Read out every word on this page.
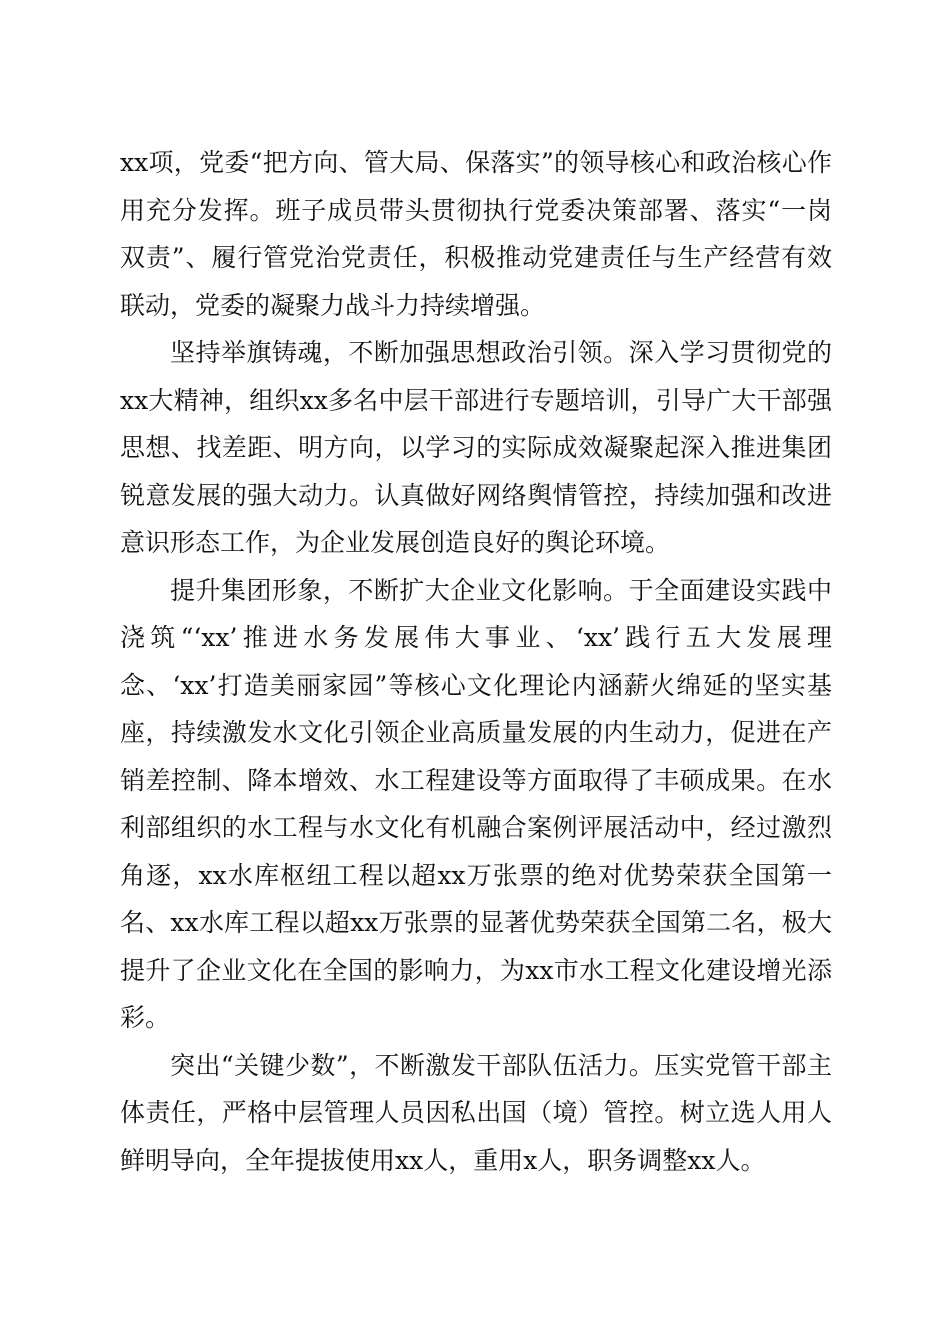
xx项，党委“把方向、管大局、保落实”的领导核心和政治核心作用充分发挥。班子成员带头贯彻执行党委决策部署、落实“一岗双责”、履行管党治党责任，积极推动党建责任与生产经营有效联动，党委的凝聚力战斗力持续增强。

坚持举旗铸魂，不断加强思想政治引领。深入学习贯彻党的xx大精神，组织xx多名中层干部进行专题培训，引导广大干部强思想、找差距、明方向，以学习的实际成效凝聚起深入推进集团锐意发展的强大动力。认真做好网络舆情管控，持续加强和改进意识形态工作，为企业发展创造良好的舆论环境。

提升集团形象，不断扩大企业文化影响。于全面建设实践中浇筑“‘xx’推进水务发展伟大事业、‘xx’践行五大发展理念、‘xx’打造美丽家园”等核心文化理论内涵薪火绵延的坚实基座，持续激发水文化引领企业高质量发展的内生动力，促进在产销差控制、降本增效、水工程建设等方面取得了丰硕成果。在水利部组织的水工程与水文化有机融合案例评展活动中，经过激烈角逐，xx水库枢纽工程以超xx万张票的绝对优势荣获全国第一名、xx水库工程以超xx万张票的显著优势荣获全国第二名，极大提升了企业文化在全国的影响力，为xx市水工程文化建设增光添彩。

突出“关键少数”，不断激发干部队伍活力。压实党管干部主体责任，严格中层管理人员因私出国（境）管控。树立选人用人鲜明导向，全年提拔使用xx人，重用x人，职务调整xx人。
